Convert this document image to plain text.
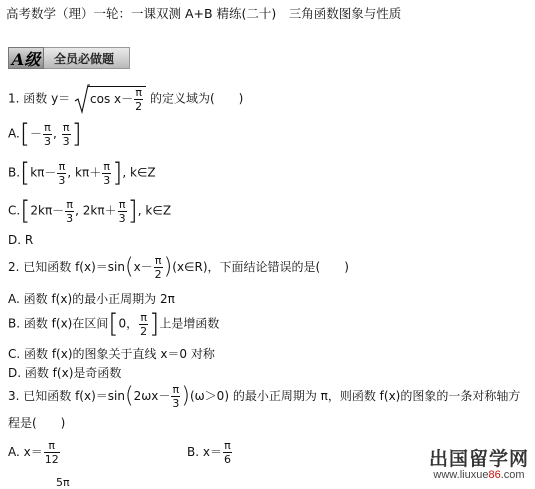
高考数学（理）一轮：一课双测 A+B 精练(二十)　三角函数图象与性质
A级	全员必做题
1. 函数 $y= \cos x- \frac{\pi}{2}$ 的定义域为(　　)
$A.[- \frac{\pi}{3}$ , $\frac{\pi}{3}$ ]
$B.[k\pi- \frac{\pi}{3}$ , $k\pi+ \frac{\pi}{3}$ ], k∈Z
$C.[2k\pi- \frac{\pi}{3}$ , $2k\pi+ \frac{\pi}{3}$ ], k∈Z
D. R
2. 已知函数 $f(x)=\sin(x- \frac{\pi}{2}$ )(x∈R)，下面结论错误的是(　　)
A. 函数 f(x)的最小正周期为 2π
B. 函数 f(x)在区间[0， $\frac{\pi}{2}$ ]上是增函数
C. 函数 f(x)的图象关于直线 x＝0 对称
D. 函数 f(x)是奇函数
3. 已知函数 $f(x)=\sin(2\omega x- \frac{\pi}{3} )(\omega>0)$ 的最小正周期为 π，则函数 f(x)的图象的一条对称轴方
程是(　　)
A. $x= \frac{\pi}{12}$	B. $x= \frac{\pi}{6}$
5π
出国留学网
www.liuxue86.com
